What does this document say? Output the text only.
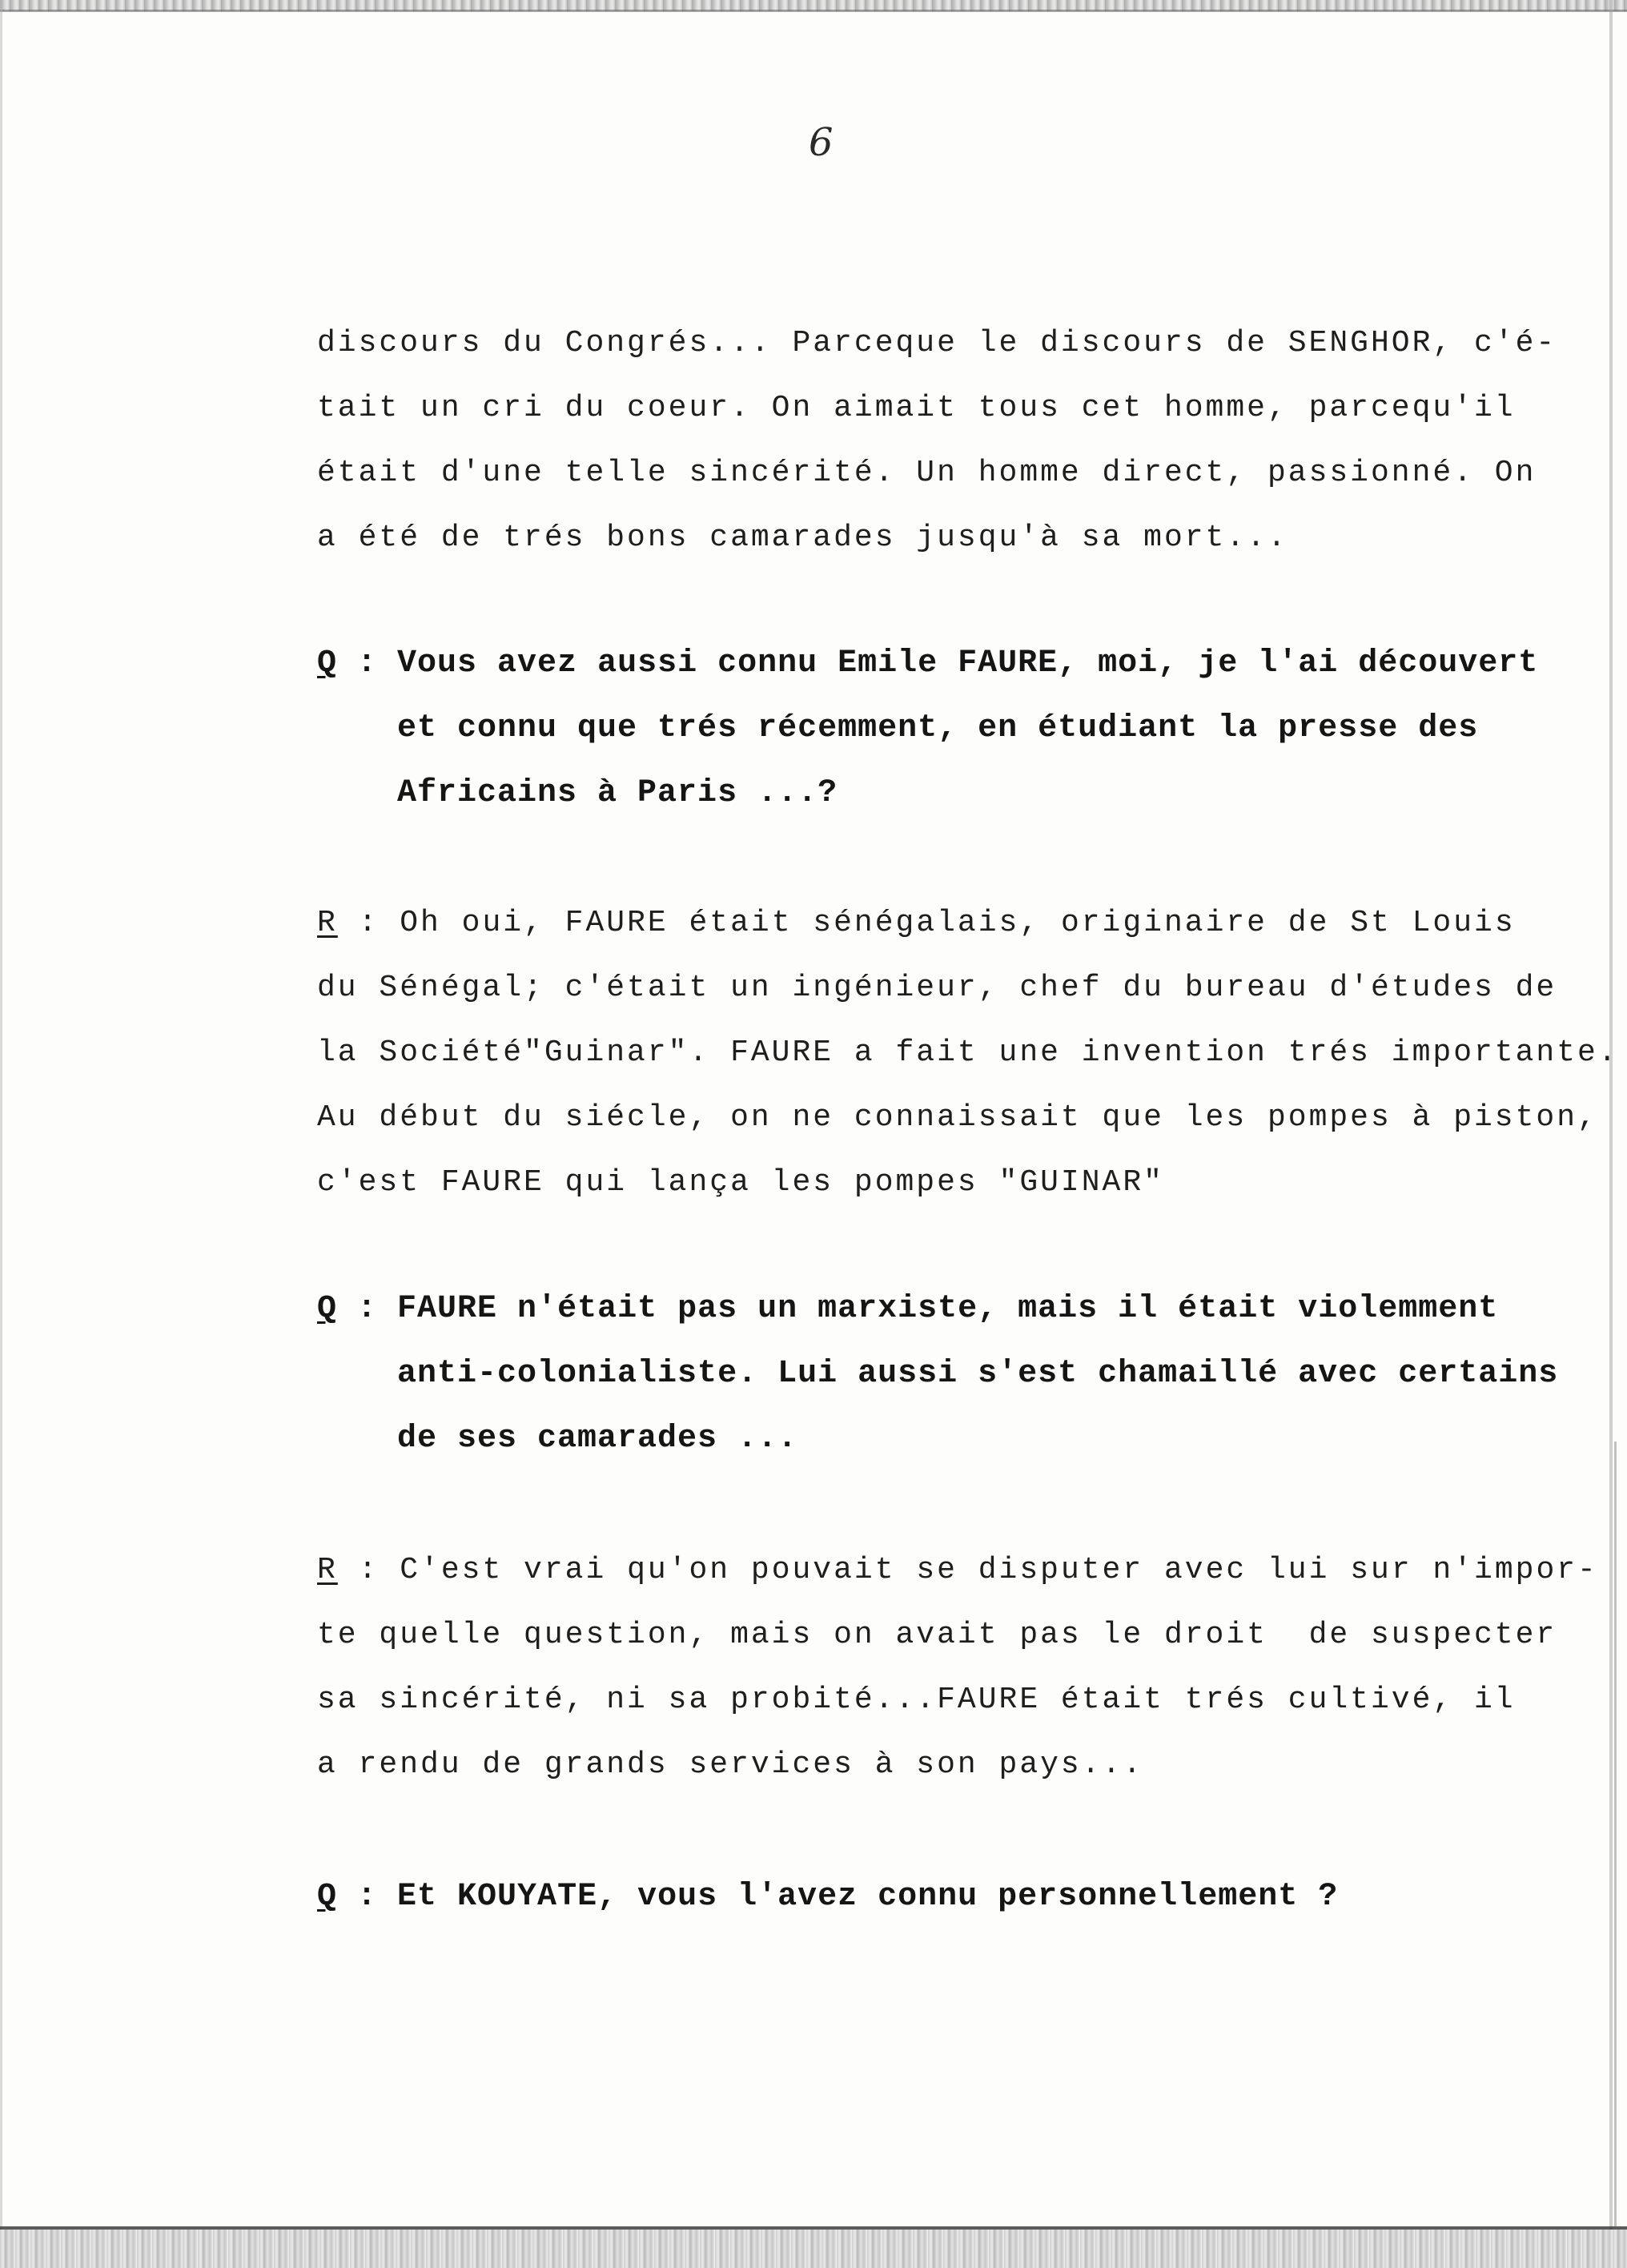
6
discours du Congrés... Parceque le discours de SENGHOR, c'é-
tait un cri du coeur. On aimait tous cet homme, parcequ'il
était d'une telle sincérité. Un homme direct, passionné. On
a été de trés bons camarades jusqu'à sa mort...
Q : Vous avez aussi connu Emile FAURE, moi, je l'ai découvert
et connu que trés récemment, en étudiant la presse des
Africains à Paris ...?
R : Oh oui, FAURE était sénégalais, originaire de St Louis
du Sénégal; c'était un ingénieur, chef du bureau d'études de
la Société"Guinar". FAURE a fait une invention trés importante.
Au début du siécle, on ne connaissait que les pompes à piston,
c'est FAURE qui lança les pompes "GUINAR"
Q : FAURE n'était pas un marxiste, mais il était violemment
anti-colonialiste. Lui aussi s'est chamaillé avec certains
de ses camarades ...
R : C'est vrai qu'on pouvait se disputer avec lui sur n'impor-
te quelle question, mais on avait pas le droit  de suspecter
sa sincérité, ni sa probité...FAURE était trés cultivé, il
a rendu de grands services à son pays...
Q : Et KOUYATE, vous l'avez connu personnellement ?
